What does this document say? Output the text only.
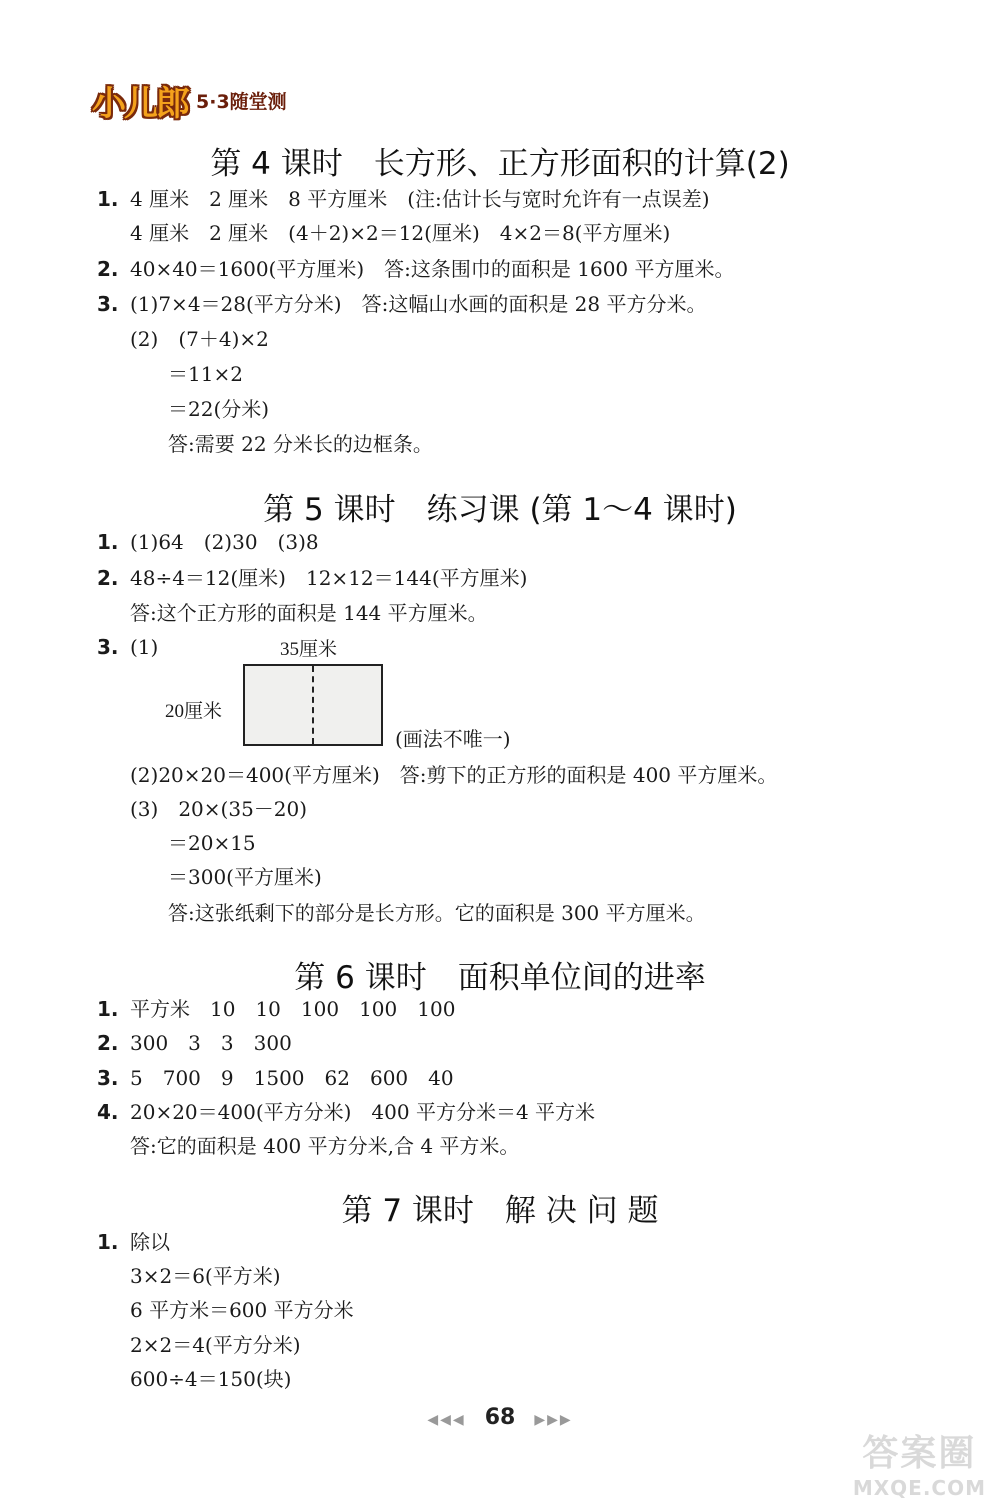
小儿郎 5·3随堂测
第 4 课时　长方形、正方形面积的计算(2)
1. 4 厘米　2 厘米　8 平方厘米　(注:估计长与宽时允许有一点误差)
4 厘米　2 厘米　(4＋2)×2＝12(厘米)　4×2＝8(平方厘米)
2. 40×40＝1600(平方厘米)　答:这条围巾的面积是 1600 平方厘米。
3. (1)7×4＝28(平方分米)　答:这幅山水画的面积是 28 平方分米。
(2)　(7＋4)×2
＝11×2
＝22(分米)
答:需要 22 分米长的边框条。
第 5 课时　练习课 (第 1～4 课时)
1. (1)64　(2)30　(3)8
2. 48÷4＝12(厘米)　12×12＝144(平方厘米)
答:这个正方形的面积是 144 平方厘米。
3. (1)	35厘米
20厘米
(画法不唯一)
(2)20×20＝400(平方厘米)　答:剪下的正方形的面积是 400 平方厘米。
(3)　20×(35－20)
＝20×15
＝300(平方厘米)
答:这张纸剩下的部分是长方形。它的面积是 300 平方厘米。
第 6 课时　面积单位间的进率
1. 平方米　10　10　100　100　100
2. 300　3　3　300
3. 5　700　9　1500　62　600　40
4. 20×20＝400(平方分米)　400 平方分米＝4 平方米
答:它的面积是 400 平方分米,合 4 平方米。
第 7 课时　解 决 问 题
1. 除以
3×2＝6(平方米)
6 平方米＝600 平方分米
2×2＝4(平方分米)
600÷4＝150(块)
◀◀◀ 68 ▶▶▶
答案圈
MXQE.COM
